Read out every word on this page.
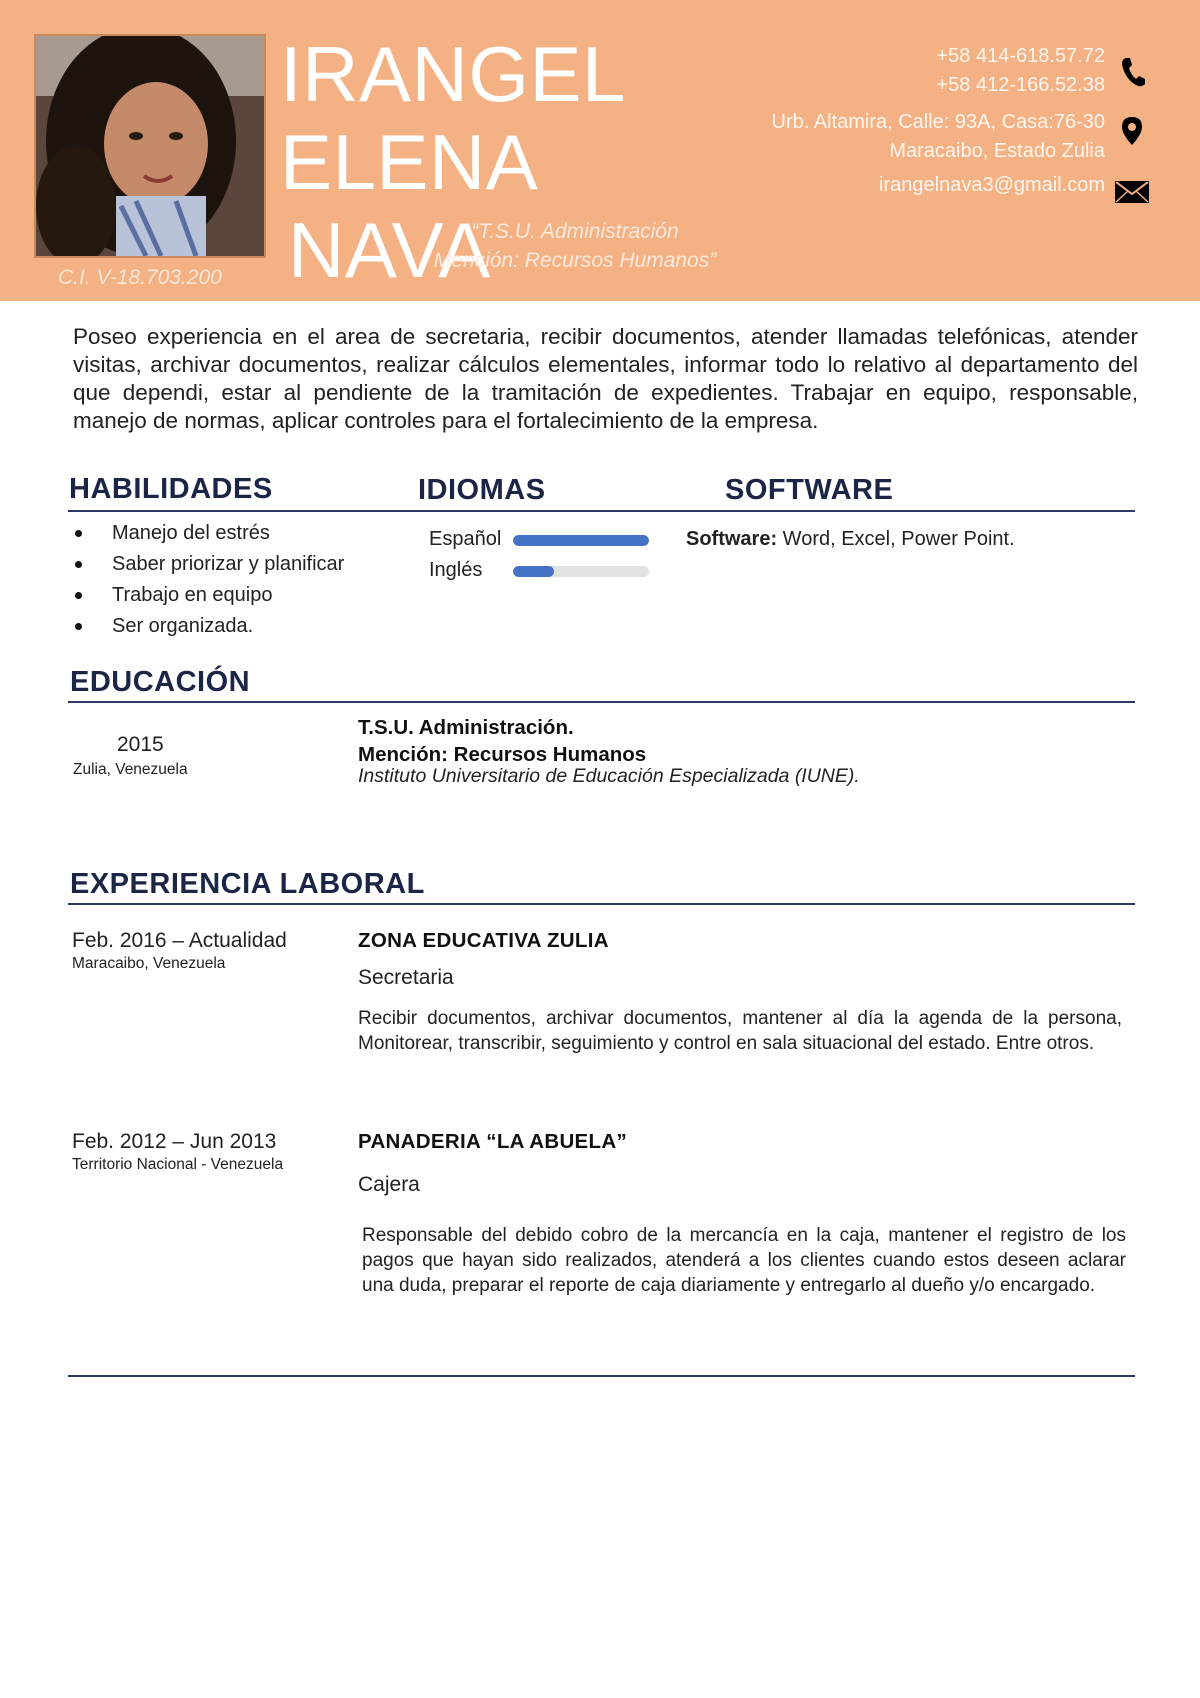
C.I. V-18.703.200
IRANGEL ELENA
NAVA
“T.S.U. Administración
Mención: Recursos Humanos”
+58 414-618.57.72
+58 412-166.52.38
Urb. Altamira, Calle: 93A, Casa:76-30
Maracaibo, Estado Zulia
irangelnava3@gmail.com
Poseo experiencia en el area de secretaria, recibir documentos, atender llamadas telefónicas, atender visitas, archivar documentos, realizar cálculos elementales, informar todo lo relativo al departamento del que dependi, estar al pendiente de la tramitación de expedientes. Trabajar en equipo, responsable, manejo de normas, aplicar controles para el fortalecimiento de la empresa.
HABILIDADES	IDIOMAS	SOFTWARE
Manejo del estrés
Saber priorizar y planificar
Trabajo en equipo
Ser organizada.
Español
Inglés
Software: Word, Excel, Power Point.
EDUCACIÓN
2015
Zulia, Venezuela
T.S.U. Administración.
Mención: Recursos Humanos
Instituto Universitario de Educación Especializada (IUNE).
EXPERIENCIA LABORAL
Feb. 2016 – Actualidad
Maracaibo, Venezuela
ZONA EDUCATIVA ZULIA
Secretaria
Recibir documentos, archivar documentos, mantener al día la agenda de la persona, Monitorear, transcribir, seguimiento y control en sala situacional del estado. Entre otros.
Feb. 2012 – Jun 2013
Territorio Nacional - Venezuela
PANADERIA “LA ABUELA”
Cajera
Responsable del debido cobro de la mercancía en la caja, mantener el registro de los pagos que hayan sido realizados, atenderá a los clientes cuando estos deseen aclarar una duda, preparar el reporte de caja diariamente y entregarlo al dueño y/o encargado.
